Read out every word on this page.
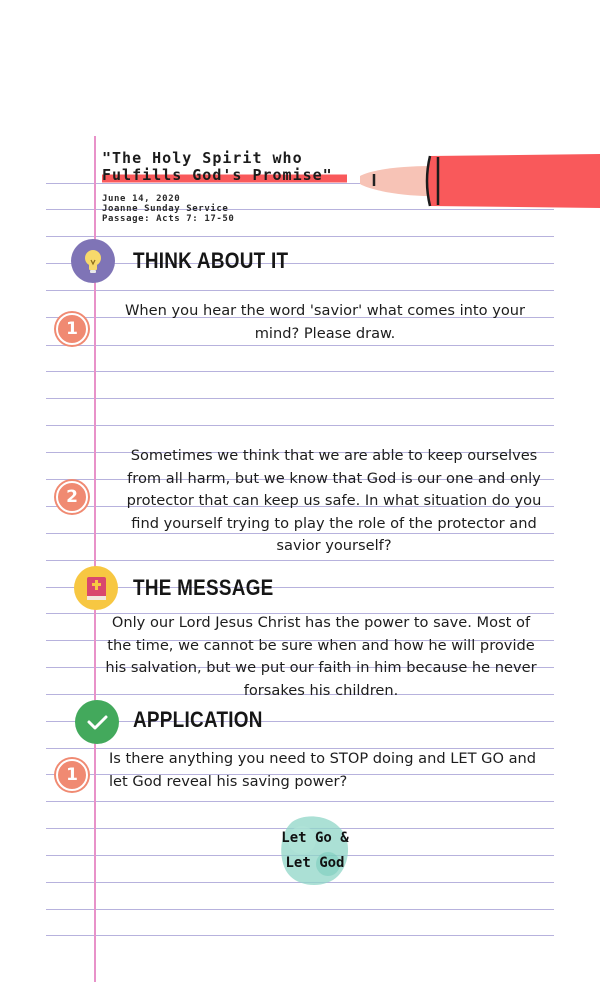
"The Holy Spirit who
Fulfills God's Promise"
June 14, 2020
Joanne Sunday Service
Passage: Acts 7: 17-50
THINK ABOUT IT
1
When you hear the word 'savior' what comes into your mind? Please draw.
2
Sometimes we think that we are able to keep ourselves from all harm, but we know that God is our one and only protector that can keep us safe. In what situation do you find yourself trying to play the role of the protector and savior yourself?
THE MESSAGE
Only our Lord Jesus Christ has the power to save. Most of the time, we cannot be sure when and how he will provide his salvation, but we put our faith in him because he never forsakes his children.
APPLICATION
1
Is there anything you need to STOP doing and LET GO and let God reveal his saving power?
Let Go &
Let God
